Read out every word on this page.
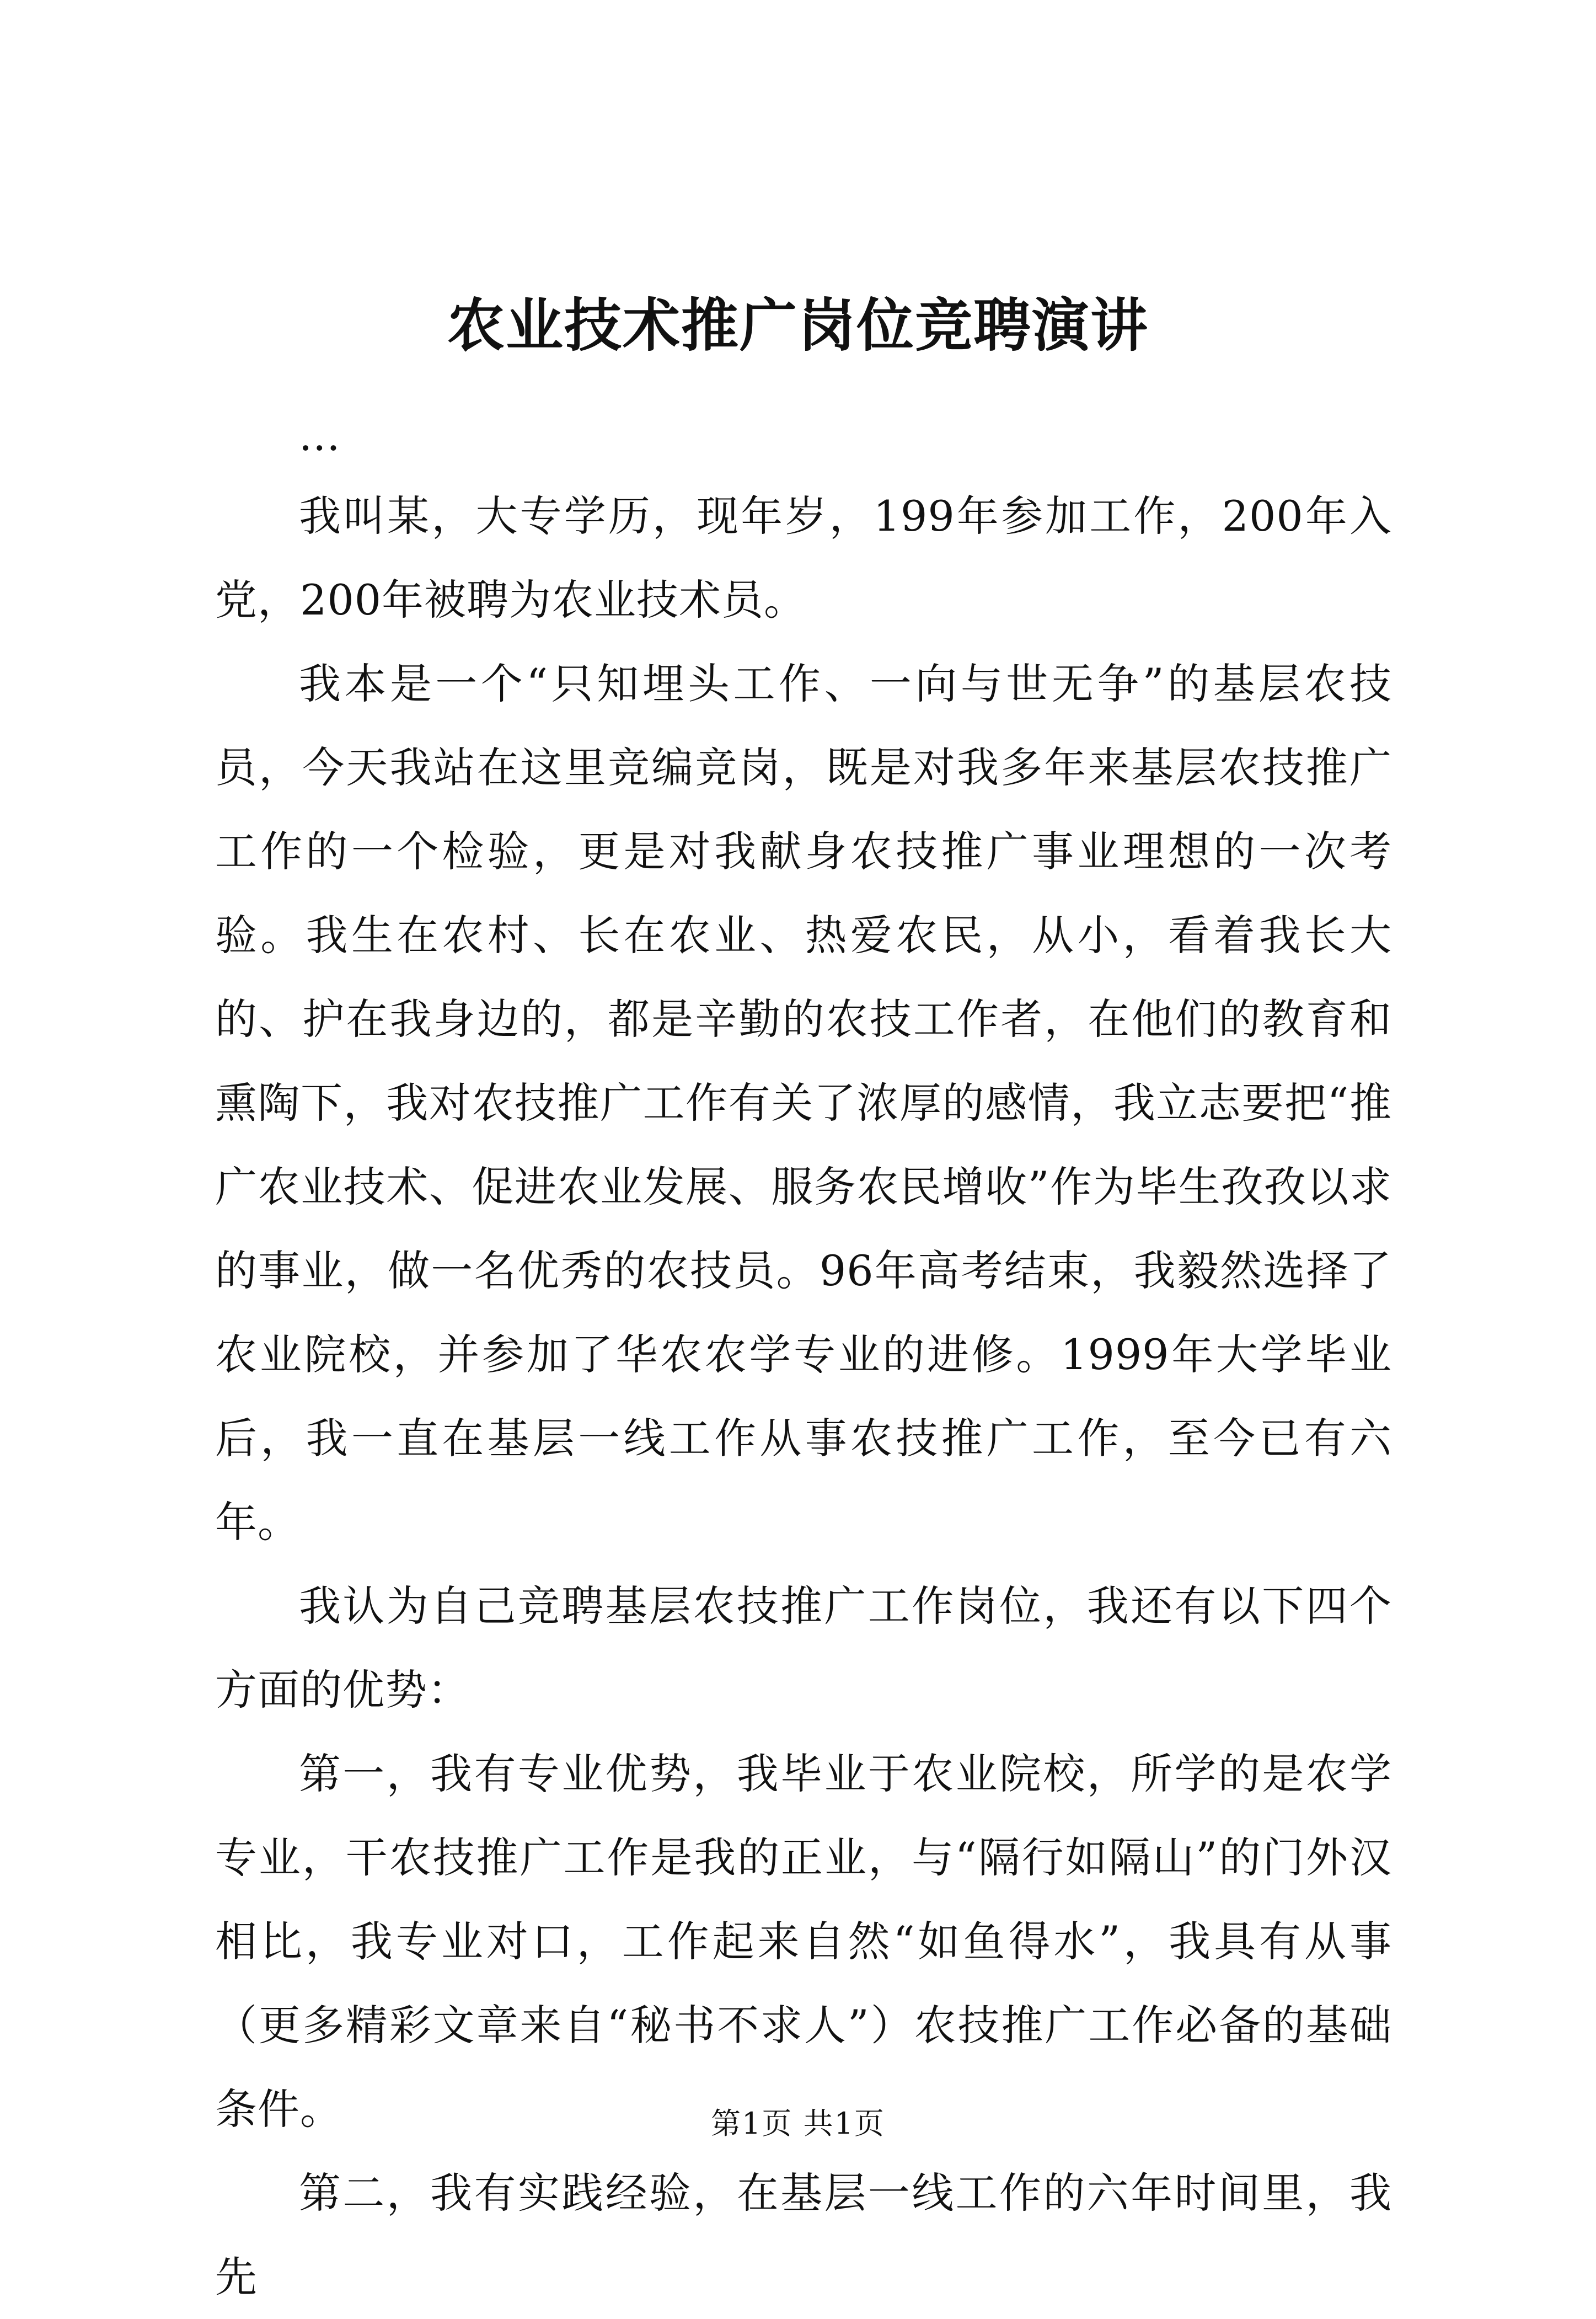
农业技术推广岗位竞聘演讲

...

我叫某，大专学历，现年岁，199年参加工作，200年入党，200年被聘为农业技术员。

我本是一个“只知埋头工作、一向与世无争”的基层农技员，今天我站在这里竞编竞岗，既是对我多年来基层农技推广工作的一个检验，更是对我献身农技推广事业理想的一次考验。我生在农村、长在农业、热爱农民，从小，看着我长大的、护在我身边的，都是辛勤的农技工作者，在他们的教育和熏陶下，我对农技推广工作有关了浓厚的感情，我立志要把“推广农业技术、促进农业发展、服务农民增收”作为毕生孜孜以求的事业，做一名优秀的农技员。96年高考结束，我毅然选择了农业院校，并参加了华农农学专业的进修。1999年大学毕业后，我一直在基层一线工作从事农技推广工作，至今已有六年。

我认为自己竞聘基层农技推广工作岗位，我还有以下四个方面的优势：

第一，我有专业优势，我毕业于农业院校，所学的是农学专业，干农技推广工作是我的正业，与“隔行如隔山”的门外汉相比，我专业对口，工作起来自然“如鱼得水”，我具有从事（更多精彩文章来自“秘书不求人”）农技推广工作必备的基础条件。

第二，我有实践经验，在基层一线工作的六年时间里，我先

第1页 共1页
